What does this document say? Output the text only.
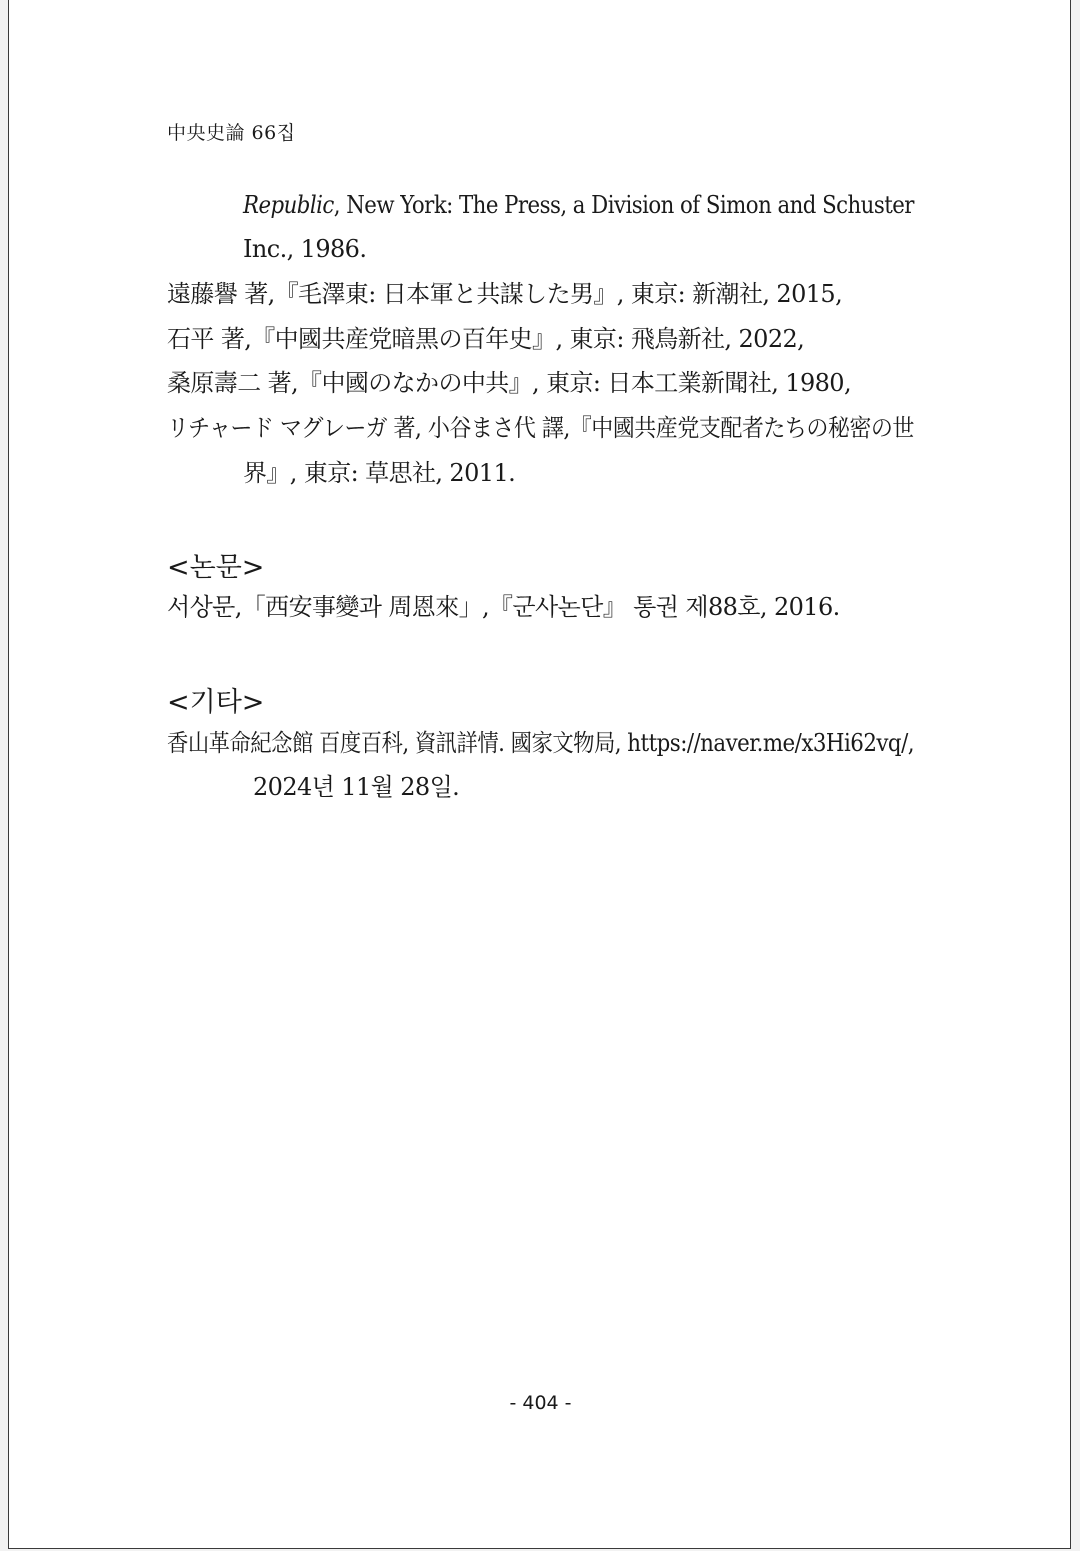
中央史論 66집
Republic, New York: The Press, a Division of Simon and Schuster
Inc., 1986.
遠藤譽 著,『毛澤東: 日本軍と共謀した男』, 東京: 新潮社, 2015,
石平 著,『中國共産党暗黒の百年史』, 東京: 飛鳥新社, 2022,
桑原壽二 著,『中國のなかの中共』, 東京: 日本工業新聞社, 1980,
リチャード マグレーガ 著, 小谷まさ代 譯,『中國共産党支配者たちの秘密の世
界』, 東京: 草思社, 2011.
<논문>
서상문,「西安事變과 周恩來」,『군사논단』 통권 제88호, 2016.
<기타>
香山革命紀念館 百度百科, 資訊詳情. 國家文物局, https://naver.me/x3Hi62vq/,
2024년 11월 28일.
- 404 -
